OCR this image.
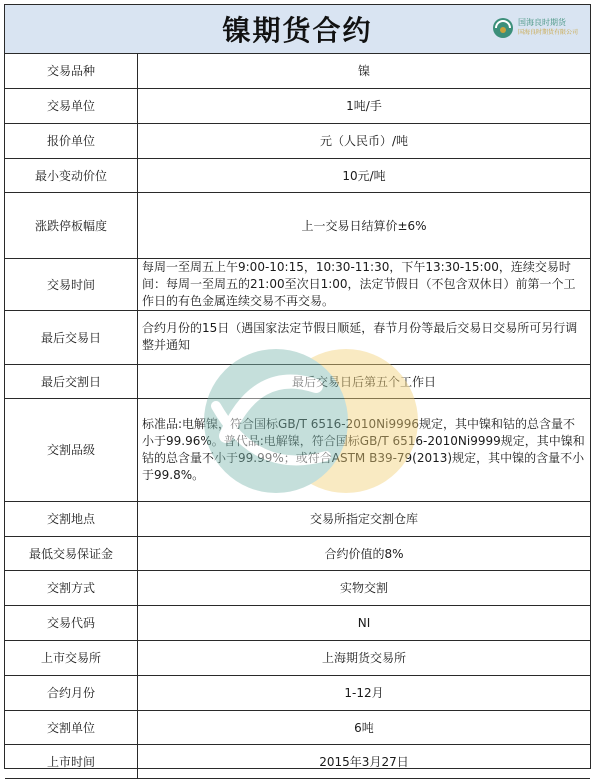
镍期货合约	国海良时期货
国海良时期货有限公司
交易品种	镍
交易单位	1吨/手
报价单位	元（人民币）/吨
最小变动价位	10元/吨
涨跌停板幅度	上一交易日结算价±6%
交易时间	每周一至周五上午9:00-10:15，10:30-11:30，下午13:30-15:00，连续交易时间：每周一至周五的21:00至次日1:00，法定节假日（不包含双休日）前第一个工作日的有色金属连续交易不再交易。
最后交易日	合约月份的15日（遇国家法定节假日顺延，春节月份等最后交易日交易所可另行调整并通知
最后交割日	最后交易日后第五个工作日
交割品级	标准品:电解镍，符合国标GB/T 6516-2010Ni9996规定，其中镍和钴的总含量不小于99.96%。普代品:电解镍，符合国标GB/T 6516-2010Ni9999规定，其中镍和钴的总含量不小于99.99%；或符合ASTM B39-79(2013)规定，其中镍的含量不小于99.8%。
交割地点	交易所指定交割仓库
最低交易保证金	合约价值的8%
交割方式	实物交割
交易代码	NI
上市交易所	上海期货交易所
合约月份	1-12月
交割单位	6吨
上市时间	2015年3月27日
